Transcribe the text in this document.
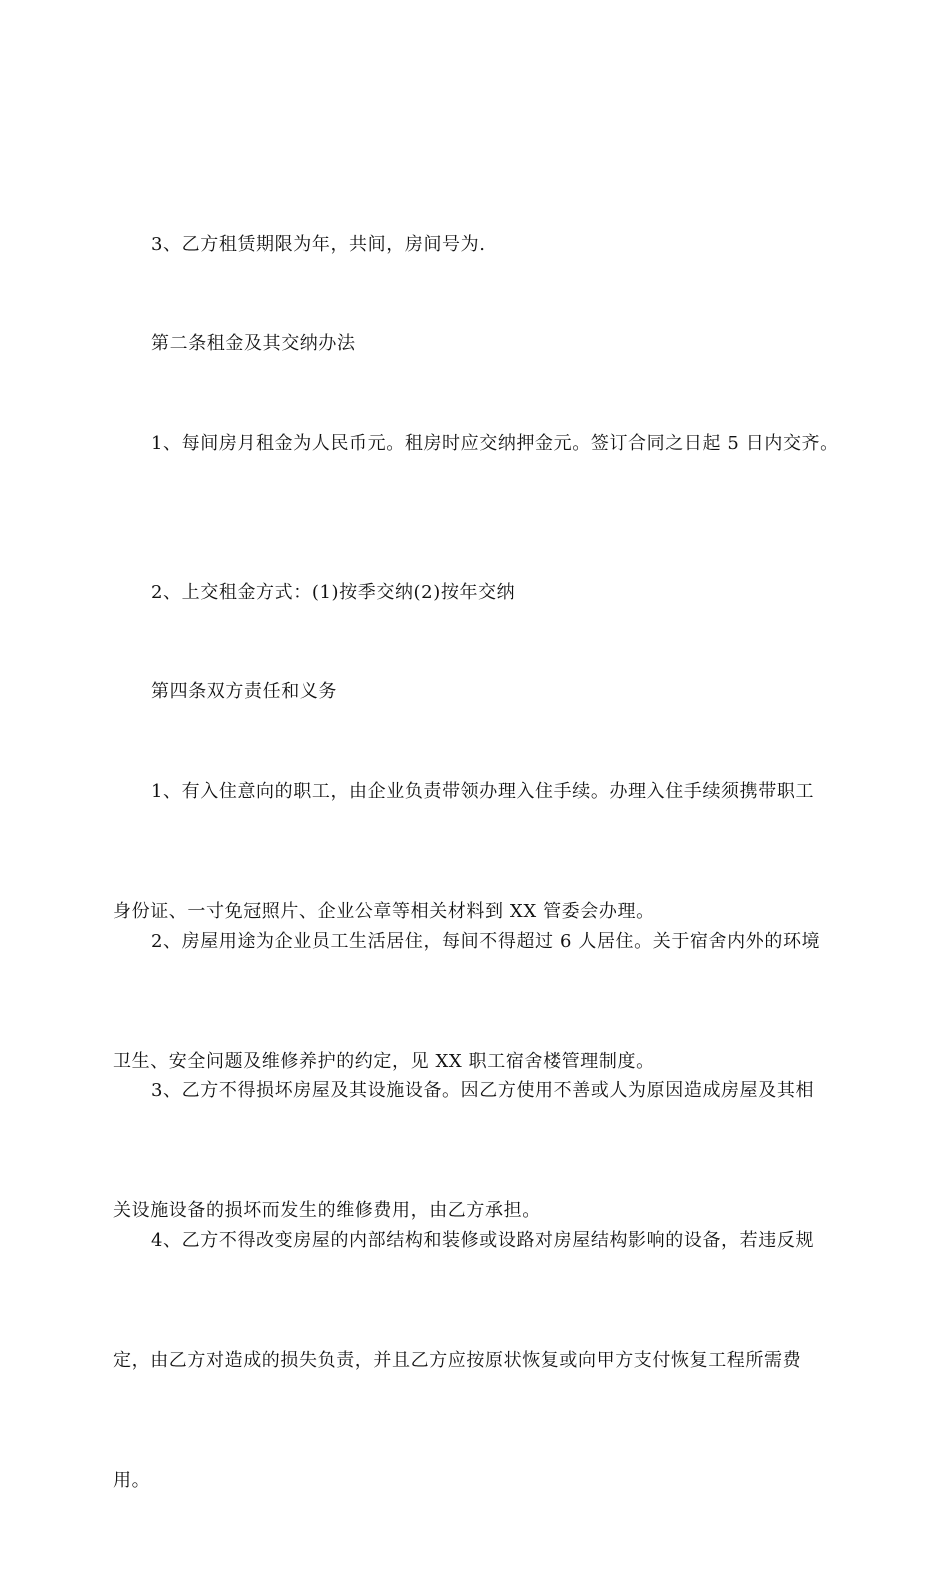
3、乙方租赁期限为年，共间，房间号为.

第二条租金及其交纳办法

1、每间房月租金为人民币元。租房时应交纳押金元。签订合同之日起 5 日内交齐。

2、上交租金方式：(1)按季交纳(2)按年交纳

第四条双方责任和义务

1、有入住意向的职工，由企业负责带领办理入住手续。办理入住手续须携带职工

身份证、一寸免冠照片、企业公章等相关材料到 XX 管委会办理。

2、房屋用途为企业员工生活居住，每间不得超过 6 人居住。关于宿舍内外的环境

卫生、安全问题及维修养护的约定，见 XX 职工宿舍楼管理制度。

3、乙方不得损坏房屋及其设施设备。因乙方使用不善或人为原因造成房屋及其相

关设施设备的损坏而发生的维修费用，由乙方承担。

4、乙方不得改变房屋的内部结构和装修或设路对房屋结构影响的设备，若违反规

定，由乙方对造成的损失负责，并且乙方应按原状恢复或向甲方支付恢复工程所需费

用。
